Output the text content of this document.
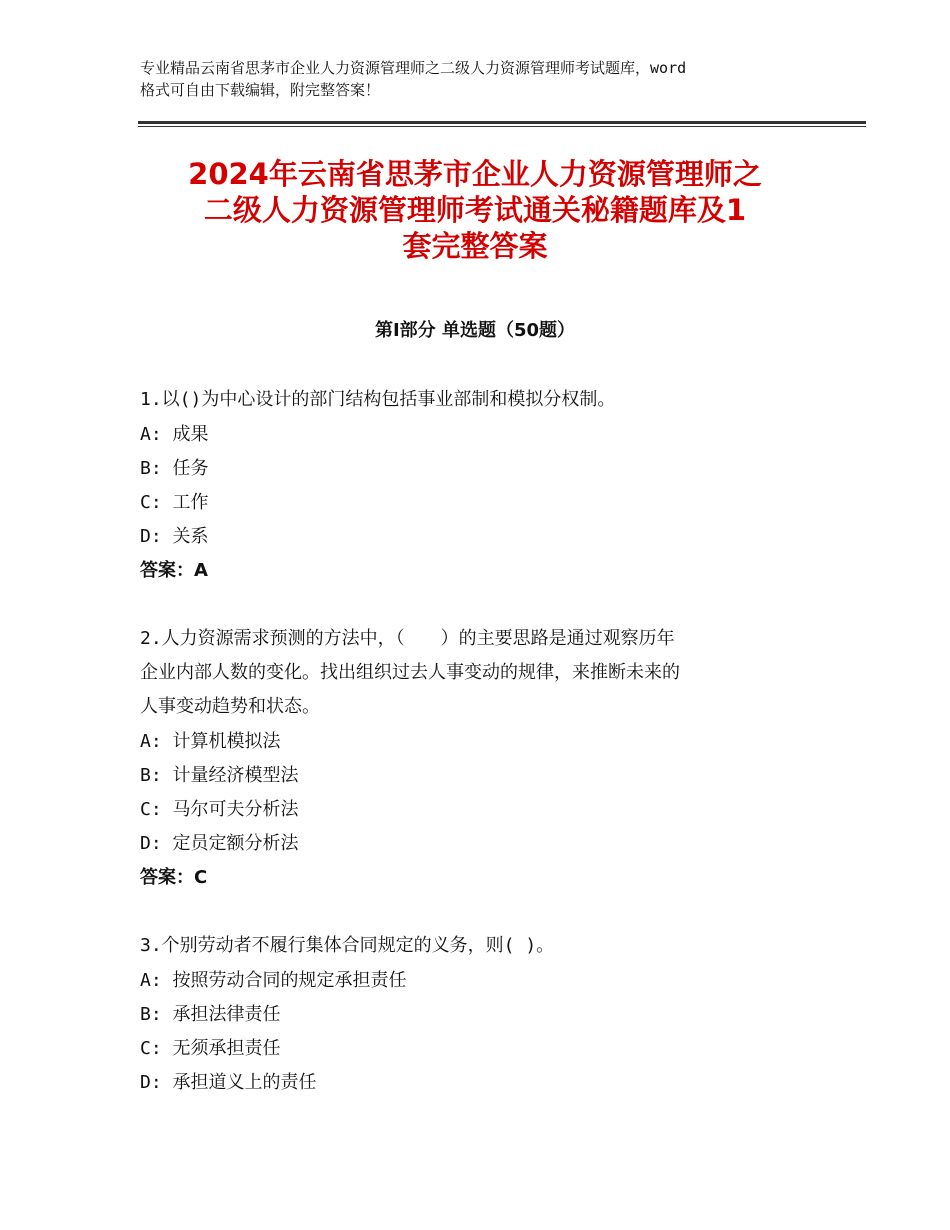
专业精品云南省思茅市企业人力资源管理师之二级人力资源管理师考试题库，word
格式可自由下载编辑，附完整答案！
2024年云南省思茅市企业人力资源管理师之
二级人力资源管理师考试通关秘籍题库及1
套完整答案
第Ⅰ部分 单选题（50题）
1.以()为中心设计的部门结构包括事业部制和模拟分权制。
A: 成果
B: 任务
C: 工作
D: 关系
答案：A
2.人力资源需求预测的方法中，（　　）的主要思路是通过观察历年
企业内部人数的变化。找出组织过去人事变动的规律，来推断未来的
人事变动趋势和状态。
A: 计算机模拟法
B: 计量经济模型法
C: 马尔可夫分析法
D: 定员定额分析法
答案：C
3.个别劳动者不履行集体合同规定的义务，则( )。
A: 按照劳动合同的规定承担责任
B: 承担法律责任
C: 无须承担责任
D: 承担道义上的责任
